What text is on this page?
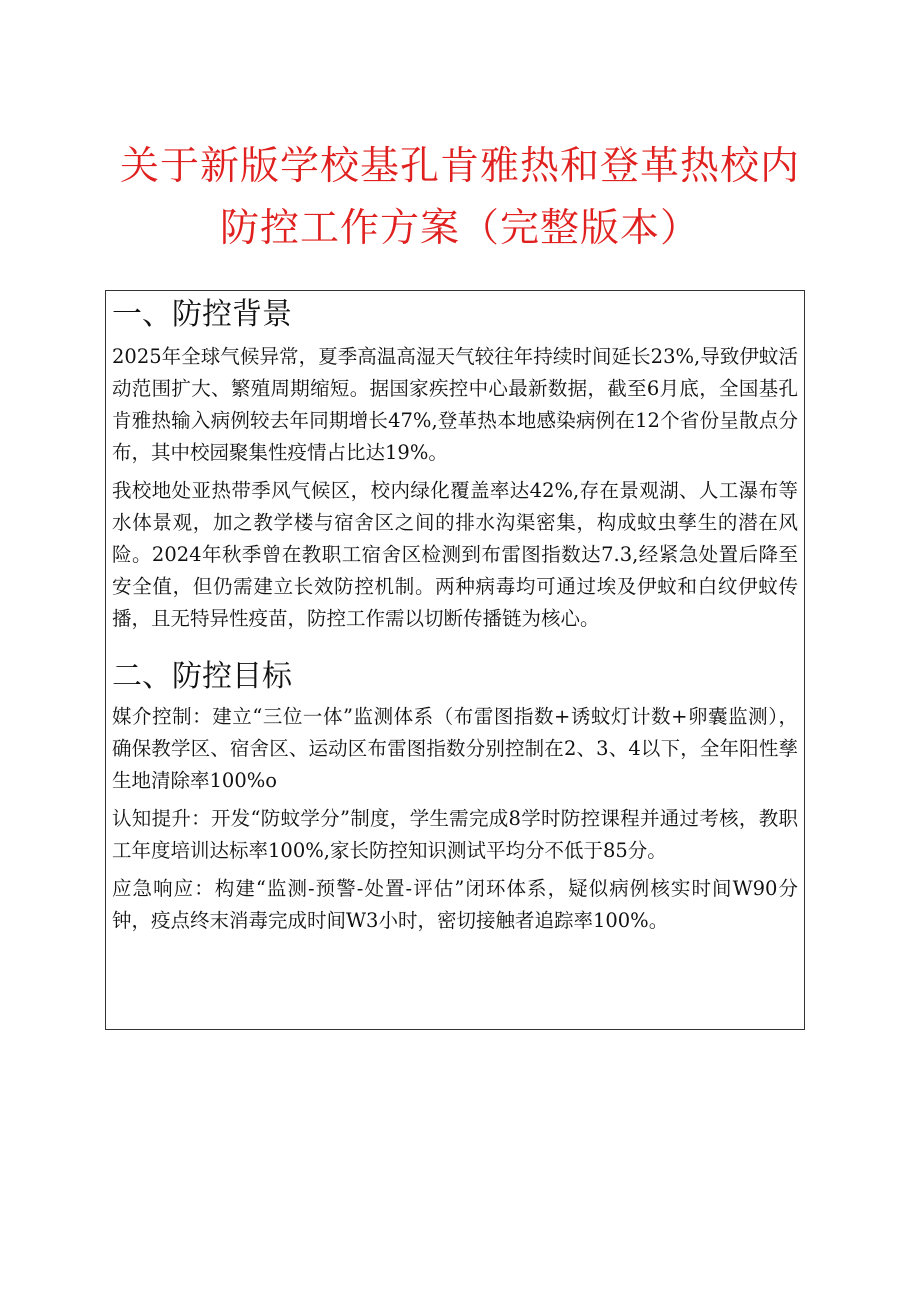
关于新版学校基孔肯雅热和登革热校内
防控工作方案（完整版本）
一、防控背景

2025年全球气候异常，夏季高温高湿天气较往年持续时间延长23%,导致伊蚊活动范围扩大、繁殖周期缩短。据国家疾控中心最新数据，截至6月底，全国基孔肯雅热输入病例较去年同期增长47%,登革热本地感染病例在12个省份呈散点分布，其中校园聚集性疫情占比达19%。

我校地处亚热带季风气候区，校内绿化覆盖率达42%,存在景观湖、人工瀑布等水体景观，加之教学楼与宿舍区之间的排水沟渠密集，构成蚊虫孳生的潜在风险。2024年秋季曾在教职工宿舍区检测到布雷图指数达7.3,经紧急处置后降至安全值，但仍需建立长效防控机制。两种病毒均可通过埃及伊蚊和白纹伊蚊传播，且无特异性疫苗，防控工作需以切断传播链为核心。

二、防控目标

媒介控制：建立“三位一体”监测体系（布雷图指数+诱蚊灯计数+卵囊监测），确保教学区、宿舍区、运动区布雷图指数分别控制在2、3、4以下，全年阳性孳生地清除率100%o

认知提升：开发“防蚊学分”制度，学生需完成8学时防控课程并通过考核，教职工年度培训达标率100%,家长防控知识测试平均分不低于85分。

应急响应：构建“监测-预警-处置-评估”闭环体系，疑似病例核实时间W90分钟，疫点终末消毒完成时间W3小时，密切接触者追踪率100%。
